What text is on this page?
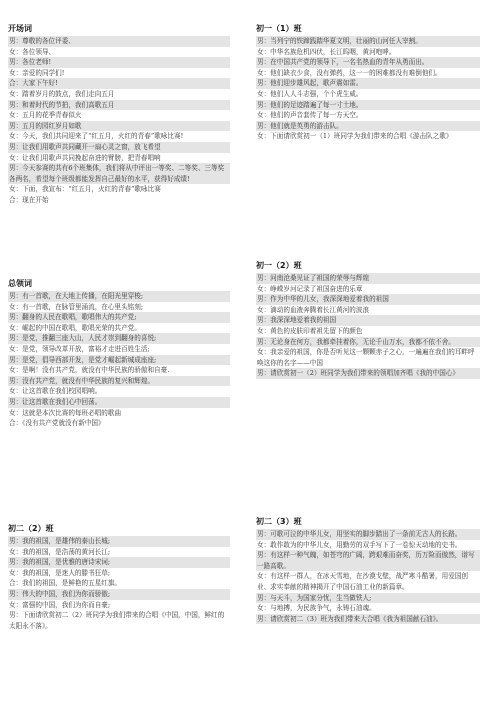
开场词
男：尊敬的各位评委、
女：各位领导、
男：各位老师!
女：亲爱的同学们!
合：大家下午好!
女：踏着岁月的鼓点，我们走向五月
男：和着时代的节拍，我们高歌五月
女：五月的花季青春似火
男：五月的园红岁月如歌
女：今天，我们共同迎来了“红五月，火红的青春”歌咏比赛!
男：让我们用歌声共同藏开一扇心灵之窗，放飞希望
女：让我们用歌声共同挽起奋进的臂膀，把青春唱响
男：今天参赛的共有6个班集体，我们将从中评出一等奖、二等奖、三等奖各两名，希望每个班级都能发挥自己最好的水平，获得好成绩!
女：下面，我宣布：“红五月，火红的青春”歌咏比赛
合：现在开始
总领词
男：有一首歌，在大地上传播，在阳光里穿梭;
女：有一首歌，在脉管里涌流，在心里头铭刻;
男：翻身的人民在歌唱，歌唱伟大的共产党;
女：崛起的中国在歌唱，歌唱光荣的共产党。
男：是党，推翻三座大山，人民才崇到翻身的喜悦;
女：是党，领导改革开放，富裕才走进百姓生活;
男：是党，倡导西部开发，是党才崛起新城成座座;
女：是啊！没有共产党，就没有中华民族的骄傲和自豪.
男：没有共产党，就没有中华民族的复兴和辉煌。
女：让这首歌在我们校园唱响。
男：让这首歌在我们心中回荡。
女：这就是本次比赛的每班必唱的歌曲
合：《没有共产党就没有新中国》
初二（2）班
男：我的祖国，是雄伟的泰山长城;
女：我的祖国，是浩荡的黄河长江;
男：我的祖国，是优雅的唐诗宋词;
女：我的祖国，是迷人的滕书狂草;
合：我们的祖国，是鲜艳的五星红旗。
男：伟大的中国，我们为你而骄傲;
女：富强的中国，我们为你而自豪;
男：下面请欣赏初二（2）班同学为我们带来的合唱《中国，中国，鲜红的太阳永不落》。
初一（1）班
男：当列宁的铁蹄践踏华夏文明，壮丽的山河任人宰割。
女：中华名族危机四伏，长江呜咽，黄河咆哮。
男：在中国共产党的领导下，一名名热血的青年从勇而出。
女：他们缺衣少食，没有弹药，这一一的困难都没有难倒他们。
男：他们迎步雄风起，歌声震如雷。
女：他们人人斗志强，个个虎生威。
男：他们的足迹踏遍了每一寸土地。
女：他们的声音套传了每一方天空。
男：他们就是英勇的游击队。
女：下面请欣赏初一（1）班同学为我们带来的合唱《游击队之歌》
初一（2）班
男：问南沧桑见证了祖国的荣辱与辉煌
女：峥嵘岁河记录了祖国奋进的乐章
男：作为中华的儿女，我深深地爱着我的祖国
女：滴动的血液奔腾着长江黄河的波浪
男：我深深地爱着我的祖国
女：黄色的皮肤印着祖先留下的颜色
男：无论身在何方，我都牵挂着你，无论千山万水，我都不依不舍。
女：我亲爱的祖国，你是否听见这一颗颗赤子之心，一遍遍在我们的耳畔呼唤这你的名字——中国
男：请欣赏初一（2）班同学为我们带来的领唱加齐唱《我的中国心》
初二（3）班
男：可歌可泣的中华儿女，用坚实的脚步踏出了一条前无古人的长路。
女：敢作敢为的中华儿女，用勤劳的双手写下了一卷惊天动地的史书。
男：有这样一种气魄，如苍穹的广阔，跨艰难而奋奖，历万险而傲然，谱写一路高歌。
女：有这样一群人，在冰天雪地，在沙漠戈壁，战严寒斗酷暑，用爱国创业、求实奉献的精神揭开了中国石油工业的新篇章。
男：与天斗，为国家分忧，生当做铁人;
女：与地搏，为民族争气，永铸石油魂。
男：请欣赏初二（3）班为我们带来大合唱《我为祖国献石油》。
